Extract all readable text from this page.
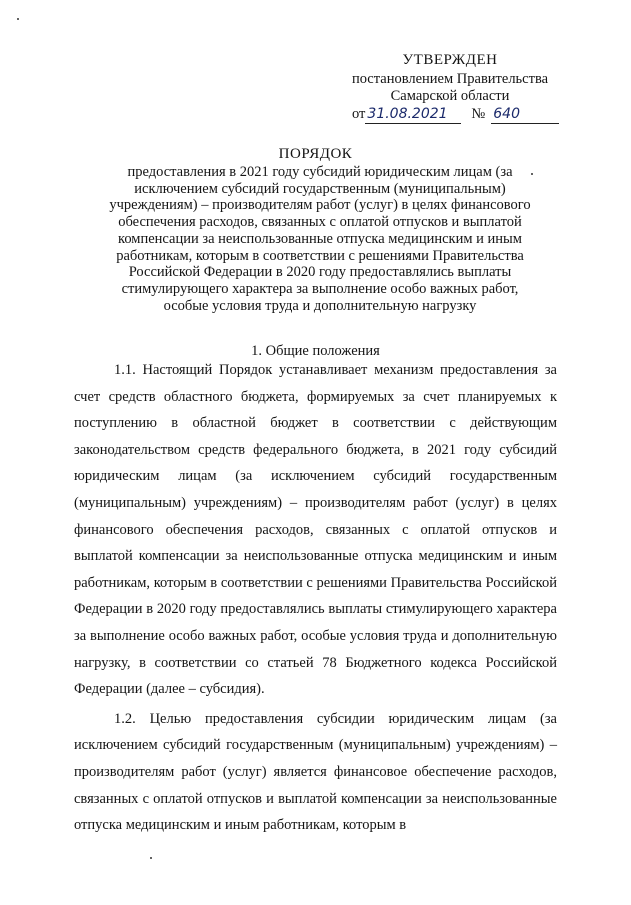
УТВЕРЖДЕН
постановлением Правительства
Самарской области
от 31.08.2021 № 640
ПОРЯДОК
предоставления в 2021 году субсидий юридическим лицам (за исключением субсидий государственным (муниципальным) учреждениям) – производителям работ (услуг) в целях финансового обеспечения расходов, связанных с оплатой отпусков и выплатой компенсации за неиспользованные отпуска медицинским и иным работникам, которым в соответствии с решениями Правительства Российской Федерации в 2020 году предоставлялись выплаты стимулирующего характера за выполнение особо важных работ, особые условия труда и дополнительную нагрузку
1. Общие положения

1.1. Настоящий Порядок устанавливает механизм предоставления за счет средств областного бюджета, формируемых за счет планируемых к поступлению в областной бюджет в соответствии с действующим законодательством средств федерального бюджета, в 2021 году субсидий юридическим лицам (за исключением субсидий государственным (муниципальным) учреждениям) – производителям работ (услуг) в целях финансового обеспечения расходов, связанных с оплатой отпусков и выплатой компенсации за неиспользованные отпуска медицинским и иным работникам, которым в соответствии с решениями Правительства Российской Федерации в 2020 году предоставлялись выплаты стимулирующего характера за выполнение особо важных работ, особые условия труда и дополнительную нагрузку, в соответствии со статьей 78 Бюджетного кодекса Российской Федерации (далее – субсидия).

1.2. Целью предоставления субсидии юридическим лицам (за исключением субсидий государственным (муниципальным) учреждениям) – производителям работ (услуг) является финансовое обеспечение расходов, связанных с оплатой отпусков и выплатой компенсации за неиспользованные отпуска медицинским и иным работникам, которым в
